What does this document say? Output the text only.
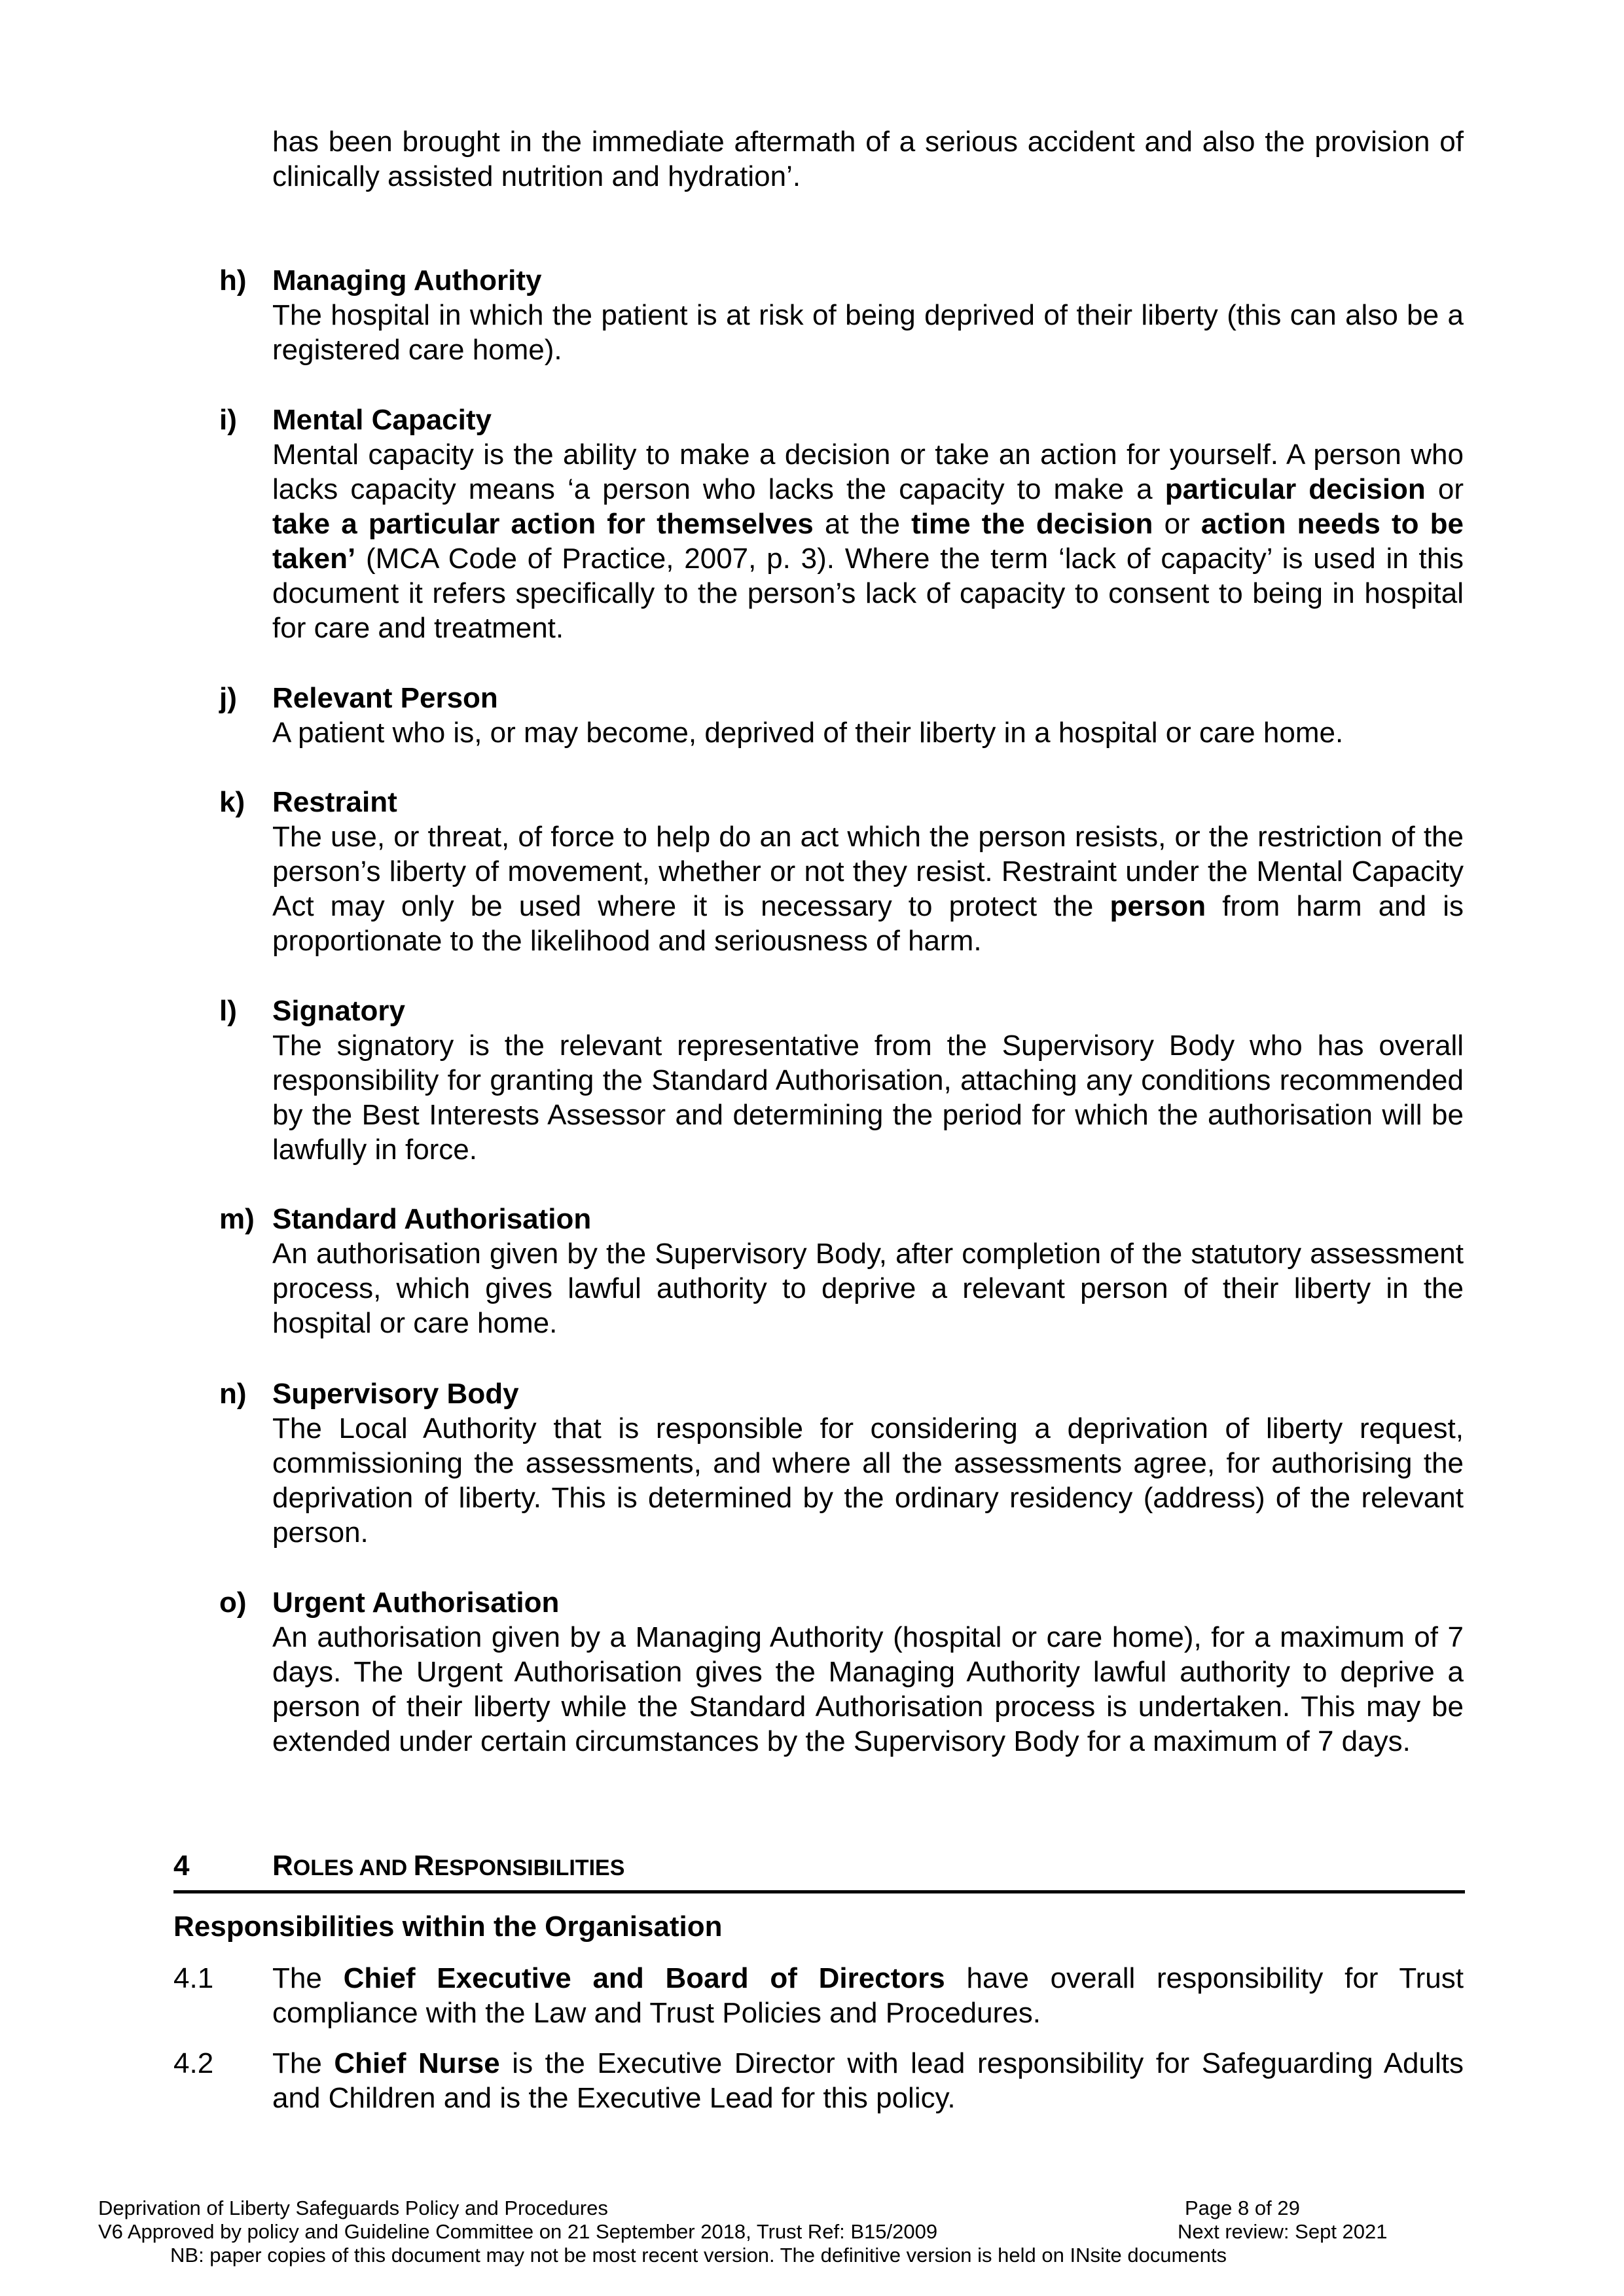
has been brought in the immediate aftermath of a serious accident and also the provision of clinically assisted nutrition and hydration’.

h) Managing Authority

The hospital in which the patient is at risk of being deprived of their liberty (this can also be a registered care home).

i) Mental Capacity

Mental capacity is the ability to make a decision or take an action for yourself. A person who lacks capacity means ‘a person who lacks the capacity to make a particular decision or take a particular action for themselves at the time the decision or action needs to be taken’ (MCA Code of Practice, 2007, p. 3). Where the term ‘lack of capacity’ is used in this document it refers specifically to the person’s lack of capacity to consent to being in hospital for care and treatment.

j) Relevant Person

A patient who is, or may become, deprived of their liberty in a hospital or care home.

k) Restraint

The use, or threat, of force to help do an act which the person resists, or the restriction of the person’s liberty of movement, whether or not they resist. Restraint under the Mental Capacity Act may only be used where it is necessary to protect the person from harm and is proportionate to the likelihood and seriousness of harm.

l) Signatory

The signatory is the relevant representative from the Supervisory Body who has overall responsibility for granting the Standard Authorisation, attaching any conditions recommended by the Best Interests Assessor and determining the period for which the authorisation will be lawfully in force.

m) Standard Authorisation

An authorisation given by the Supervisory Body, after completion of the statutory assessment process, which gives lawful authority to deprive a relevant person of their liberty in the hospital or care home.

n) Supervisory Body

The Local Authority that is responsible for considering a deprivation of liberty request, commissioning the assessments, and where all the assessments agree, for authorising the deprivation of liberty. This is determined by the ordinary residency (address) of the relevant person.

o) Urgent Authorisation

An authorisation given by a Managing Authority (hospital or care home), for a maximum of 7 days. The Urgent Authorisation gives the Managing Authority lawful authority to deprive a person of their liberty while the Standard Authorisation process is undertaken. This may be extended under certain circumstances by the Supervisory Body for a maximum of 7 days.

4	ROLES AND RESPONSIBILITIES
Responsibilities within the Organisation
4.1 The Chief Executive and Board of Directors have overall responsibility for Trust compliance with the Law and Trust Policies and Procedures.

4.2 The Chief Nurse is the Executive Director with lead responsibility for Safeguarding Adults and Children and is the Executive Lead for this policy.

Deprivation of Liberty Safeguards Policy and Procedures	Page 8 of 29
V6 Approved by policy and Guideline Committee on 21 September 2018, Trust Ref: B15/2009	Next review: Sept 2021
NB: paper copies of this document may not be most recent version. The definitive version is held on INsite documents
